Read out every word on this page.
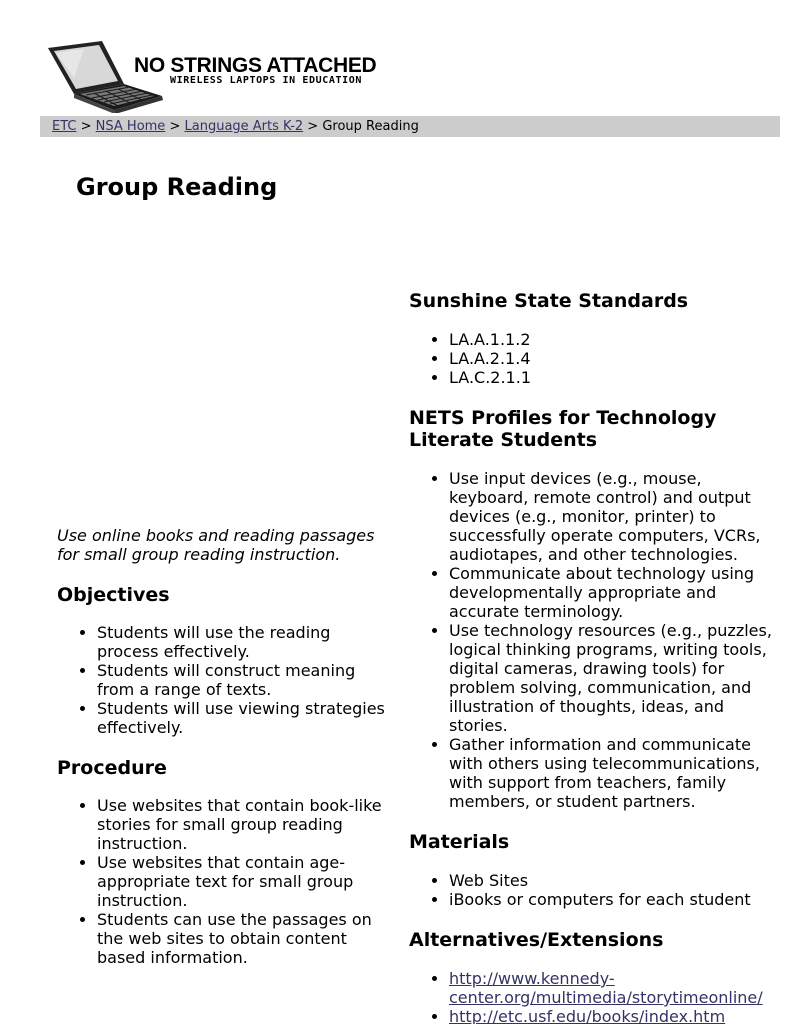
NO STRINGS ATTACHED
WIRELESS LAPTOPS IN EDUCATION
ETC > NSA Home > Language Arts K-2 > Group Reading
Group Reading

Use online books and reading passages for small group reading instruction.

Objectives
• Students will use the reading process effectively.
• Students will construct meaning from a range of texts.
• Students will use viewing strategies effectively.
Procedure
• Use websites that contain book-like stories for small group reading instruction.
• Use websites that contain age-appropriate text for small group instruction.
• Students can use the passages on the web sites to obtain content based information.
Sunshine State Standards
• LA.A.1.1.2
• LA.A.2.1.4
• LA.C.2.1.1
NETS Profiles for Technology Literate Students
• Use input devices (e.g., mouse, keyboard, remote control) and output devices (e.g., monitor, printer) to successfully operate computers, VCRs, audiotapes, and other technologies.
• Communicate about technology using developmentally appropriate and accurate terminology.
• Use technology resources (e.g., puzzles, logical thinking programs, writing tools, digital cameras, drawing tools) for problem solving, communication, and illustration of thoughts, ideas, and stories.
• Gather information and communicate with others using telecommunications, with support from teachers, family members, or student partners.
Materials
• Web Sites
• iBooks or computers for each student
Alternatives/Extensions
• http://www.kennedy-center.org/multimedia/storytimeonline/
• http://etc.usf.edu/books/index.htm
